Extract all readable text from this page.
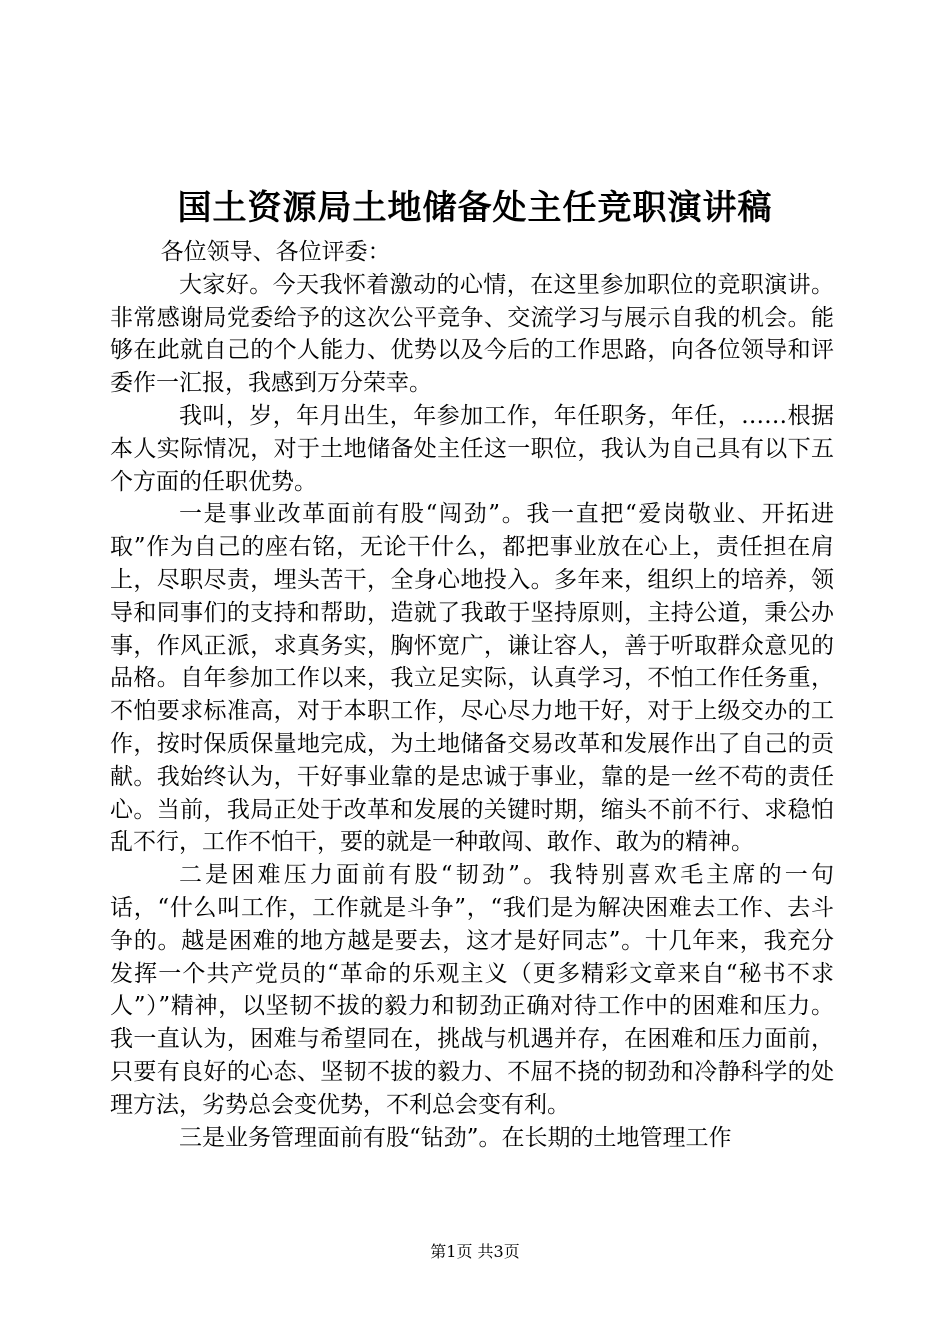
国土资源局土地储备处主任竞职演讲稿

各位领导、各位评委：

大家好。今天我怀着激动的心情，在这里参加职位的竞职演讲。非常感谢局党委给予的这次公平竞争、交流学习与展示自我的机会。能够在此就自己的个人能力、优势以及今后的工作思路，向各位领导和评委作一汇报，我感到万分荣幸。

我叫，岁，年月出生，年参加工作，年任职务，年任，……根据本人实际情况，对于土地储备处主任这一职位，我认为自己具有以下五个方面的任职优势。

一是事业改革面前有股“闯劲”。我一直把“爱岗敬业、开拓进取”作为自己的座右铭，无论干什么，都把事业放在心上，责任担在肩上，尽职尽责，埋头苦干，全身心地投入。多年来，组织上的培养，领导和同事们的支持和帮助，造就了我敢于坚持原则，主持公道，秉公办事，作风正派，求真务实，胸怀宽广，谦让容人，善于听取群众意见的品格。自年参加工作以来，我立足实际，认真学习，不怕工作任务重，不怕要求标准高，对于本职工作，尽心尽力地干好，对于上级交办的工作，按时保质保量地完成，为土地储备交易改革和发展作出了自己的贡献。我始终认为，干好事业靠的是忠诚于事业，靠的是一丝不苟的责任心。当前，我局正处于改革和发展的关键时期，缩头不前不行、求稳怕乱不行，工作不怕干，要的就是一种敢闯、敢作、敢为的精神。

二是困难压力面前有股“韧劲”。我特别喜欢毛主席的一句话，“什么叫工作，工作就是斗争”，“我们是为解决困难去工作、去斗争的。越是困难的地方越是要去，这才是好同志”。十几年来，我充分发挥一个共产党员的“革命的乐观主义（更多精彩文章来自“秘书不求人”）”精神，以坚韧不拔的毅力和韧劲正确对待工作中的困难和压力。我一直认为，困难与希望同在，挑战与机遇并存，在困难和压力面前，只要有良好的心态、坚韧不拔的毅力、不屈不挠的韧劲和冷静科学的处理方法，劣势总会变优势，不利总会变有利。

三是业务管理面前有股“钻劲”。在长期的土地管理工作

第1页 共3页
